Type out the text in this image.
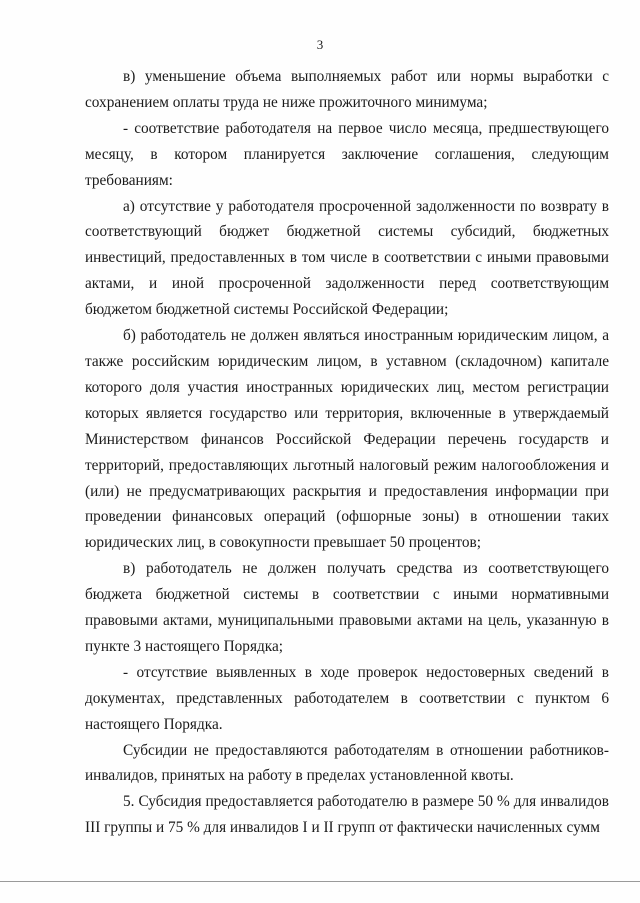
3

в) уменьшение объема выполняемых работ или нормы выработки с сохранением оплаты труда не ниже прожиточного минимума;

- соответствие работодателя на первое число месяца, предшествующего месяцу, в котором планируется заключение соглашения, следующим требованиям:

а) отсутствие у работодателя просроченной задолженности по возврату в соответствующий бюджет бюджетной системы субсидий, бюджетных инвестиций, предоставленных в том числе в соответствии с иными правовыми актами, и иной просроченной задолженности перед соответствующим бюджетом бюджетной системы Российской Федерации;

б) работодатель не должен являться иностранным юридическим лицом, а также российским юридическим лицом, в уставном (складочном) капитале которого доля участия иностранных юридических лиц, местом регистрации которых является государство или территория, включенные в утверждаемый Министерством финансов Российской Федерации перечень государств и территорий, предоставляющих льготный налоговый режим налогообложения и (или) не предусматривающих раскрытия и предоставления информации при проведении финансовых операций (офшорные зоны) в отношении таких юридических лиц, в совокупности превышает 50 процентов;

в) работодатель не должен получать средства из соответствующего бюджета бюджетной системы в соответствии с иными нормативными правовыми актами, муниципальными правовыми актами на цель, указанную в пункте 3 настоящего Порядка;

- отсутствие выявленных в ходе проверок недостоверных сведений в документах, представленных работодателем в соответствии с пунктом 6 настоящего Порядка.

Субсидии не предоставляются работодателям в отношении работников-инвалидов, принятых на работу в пределах установленной квоты.

5. Субсидия предоставляется работодателю в размере 50 % для инвалидов III группы и 75 % для инвалидов I и II групп от фактически начисленных сумм
